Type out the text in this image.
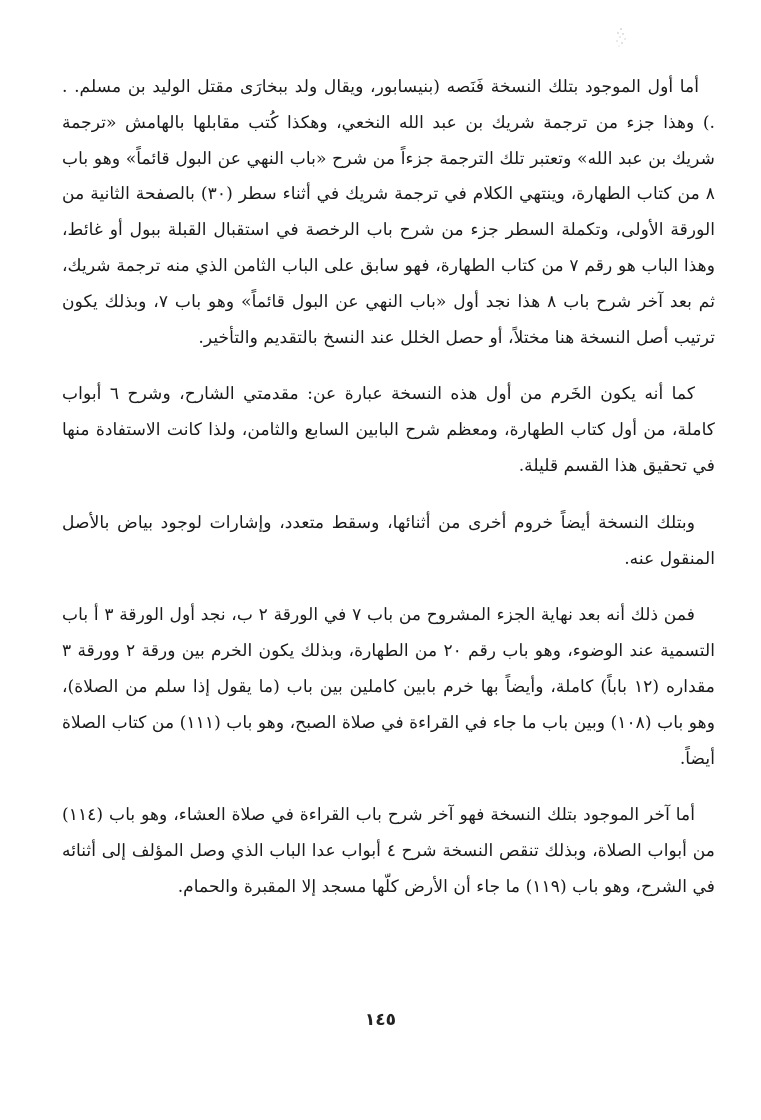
أما أول الموجود بتلك النسخة فَنَصه (بنيسابور، ويقال ولد ببخارَى مقتل الوليد بن مسلم. . .) وهذا جزء من ترجمة شريك بن عبد الله النخعي، وهكذا كُتب مقابلها بالهامش «ترجمة شريك بن عبد الله» وتعتبر تلك الترجمة جزءاً من شرح «باب النهي عن البول قائماً» وهو باب ٨ من كتاب الطهارة، وينتهي الكلام في ترجمة شريك في أثناء سطر (٣٠) بالصفحة الثانية من الورقة الأولى، وتكملة السطر جزء من شرح باب الرخصة في استقبال القبلة ببول أو غائط، وهذا الباب هو رقم ٧ من كتاب الطهارة، فهو سابق على الباب الثامن الذي منه ترجمة شريك، ثم بعد آخر شرح باب ٨ هذا نجد أول «باب النهي عن البول قائماً» وهو باب ٧، وبذلك يكون ترتيب أصل النسخة هنا مختلاً، أو حصل الخلل عند النسخ بالتقديم والتأخير.

كما أنه يكون الخَرم من أول هذه النسخة عبارة عن: مقدمتي الشارح، وشرح ٦ أبواب كاملة، من أول كتاب الطهارة، ومعظم شرح البابين السابع والثامن، ولذا كانت الاستفادة منها في تحقيق هذا القسم قليلة.

وبتلك النسخة أيضاً خروم أخرى من أثنائها، وسقط متعدد، وإشارات لوجود بياض بالأصل المنقول عنه.

فمن ذلك أنه بعد نهاية الجزء المشروح من باب ٧ في الورقة ٢ ب، نجد أول الورقة ٣ أ باب التسمية عند الوضوء، وهو باب رقم ٢٠ من الطهارة، وبذلك يكون الخرم بين ورقة ٢ وورقة ٣ مقداره (١٢ باباً) كاملة، وأيضاً بها خرم بابين كاملين بين باب (ما يقول إذا سلم من الصلاة)، وهو باب (١٠٨) وبين باب ما جاء في القراءة في صلاة الصبح، وهو باب (١١١) من كتاب الصلاة أيضاً.

أما آخر الموجود بتلك النسخة فهو آخر شرح باب القراءة في صلاة العشاء، وهو باب (١١٤) من أبواب الصلاة، وبذلك تنقص النسخة شرح ٤ أبواب عدا الباب الذي وصل المؤلف إلى أثنائه في الشرح، وهو باب (١١٩) ما جاء أن الأرض كلّها مسجد إلا المقبرة والحمام.

١٤٥
